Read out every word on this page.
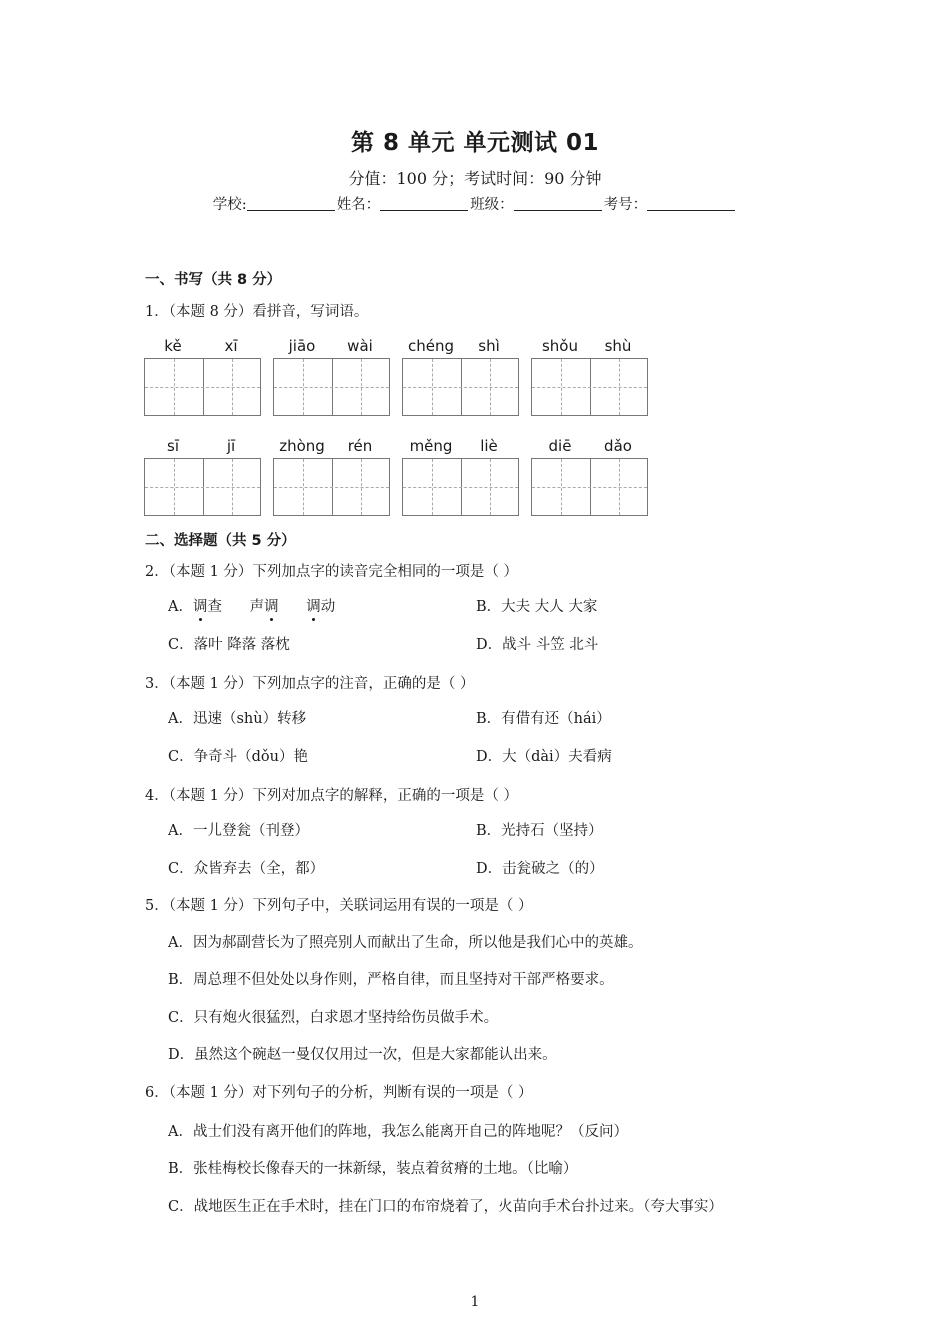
第 8 单元 单元测试 01
分值：100 分；考试时间：90 分钟
学校:	姓名：	班级：	考号：
一、书写（共 8 分）
1．（本题 8 分）看拼音，写词语。
kě	xī	jiāo	wài	chéng	shì	shǒu	shù
sī	jī	zhòng	rén	měng	liè	diē	dǎo
二、选择题（共 5 分）
2．（本题 1 分）下列加点字的读音完全相同的一项是（ ）
A．调查      声调 调动	B．大夫 大人 大家
C．落叶 降落 落枕	D．战斗 斗笠 北斗
3．（本题 1 分）下列加点字的注音，正确的是（ ）
A．迅速（shù）转移	B．有借有还（hái）
C．争奇斗（dǒu）艳	D．大（dài）夫看病
4．（本题 1 分）下列对加点字的解释，正确的一项是（ ）
A．一儿登瓮（刊登）	B．光持石（坚持）
C．众皆弃去（全，都）	D．击瓮破之（的）
5．（本题 1 分）下列句子中，关联词运用有误的一项是（ ）
A．因为郝副营长为了照亮别人而献出了生命，所以他是我们心中的英雄。
B．周总理不但处处以身作则，严格自律，而且坚持对干部严格要求。
C．只有炮火很猛烈，白求恩才坚持给伤员做手术。
D．虽然这个碗赵一曼仅仅用过一次，但是大家都能认出来。
6．（本题 1 分）对下列句子的分析，判断有误的一项是（ ）
A．战士们没有离开他们的阵地，我怎么能离开自己的阵地呢？（反问）
B．张桂梅校长像春天的一抹新绿，装点着贫瘠的土地。（比喻）
C．战地医生正在手术时，挂在门口的布帘烧着了，火苗向手术台扑过来。（夸大事实）
1
